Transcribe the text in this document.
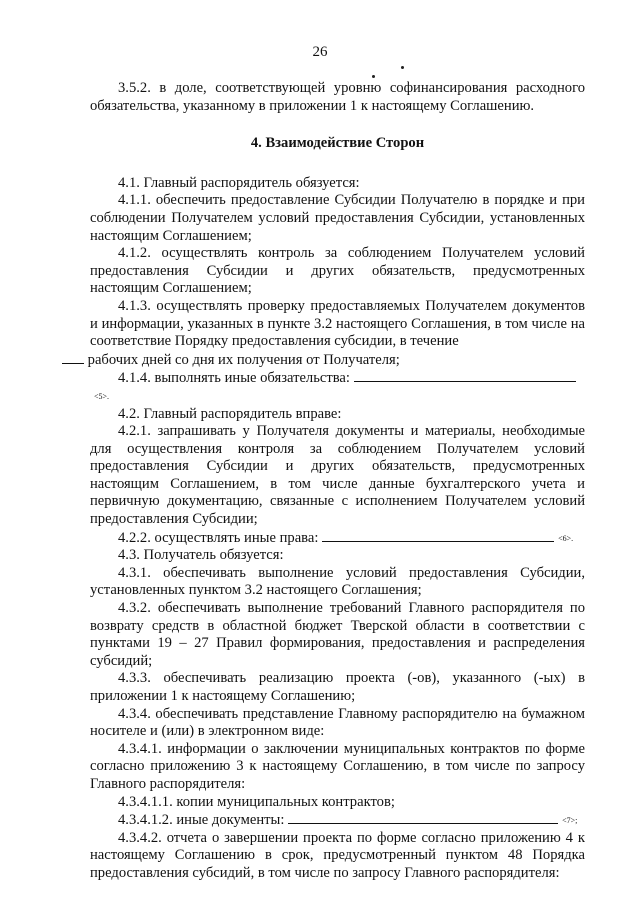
26

3.5.2. в доле, соответствующей уровню софинансирования расходного обязательства, указанному в приложении 1 к настоящему Соглашению.

4. Взаимодействие Сторон

4.1. Главный распорядитель обязуется:

4.1.1. обеспечить предоставление Субсидии Получателю в порядке и при соблюдении Получателем условий предоставления Субсидии, установленных настоящим Соглашением;

4.1.2. осуществлять контроль за соблюдением Получателем условий предоставления Субсидии и других обязательств, предусмотренных настоящим Соглашением;

4.1.3. осуществлять проверку предоставляемых Получателем документов и информации, указанных в пункте 3.2 настоящего Соглашения, в том числе на соответствие Порядку предоставления субсидии, в течение
рабочих дней со дня их получения от Получателя;

4.1.4. выполнять иные обязательства: <5>.

4.2. Главный распорядитель вправе:

4.2.1. запрашивать у Получателя документы и материалы, необходимые для осуществления контроля за соблюдением Получателем условий предоставления Субсидии и других обязательств, предусмотренных настоящим Соглашением, в том числе данные бухгалтерского учета и первичную документацию, связанные с исполнением Получателем условий предоставления Субсидии;

4.2.2. осуществлять иные права:	<6>.

4.3. Получатель обязуется:

4.3.1. обеспечивать выполнение условий предоставления Субсидии, установленных пунктом 3.2 настоящего Соглашения;

4.3.2. обеспечивать выполнение требований Главного распорядителя по возврату средств в областной бюджет Тверской области в соответствии с пунктами 19 – 27 Правил формирования, предоставления и распределения субсидий;

4.3.3. обеспечивать реализацию проекта (-ов), указанного (-ых) в приложении 1 к настоящему Соглашению;

4.3.4. обеспечивать представление Главному распорядителю на бумажном носителе и (или) в электронном виде:

4.3.4.1. информации о заключении муниципальных контрактов по форме согласно приложению 3 к настоящему Соглашению, в том числе по запросу Главного распорядителя:

4.3.4.1.1. копии муниципальных контрактов;

4.3.4.1.2. иные документы:	<7>;

4.3.4.2. отчета о завершении проекта по форме согласно приложению 4 к настоящему Соглашению в срок, предусмотренный пунктом 48 Порядка предоставления субсидий, в том числе по запросу Главного распорядителя:
